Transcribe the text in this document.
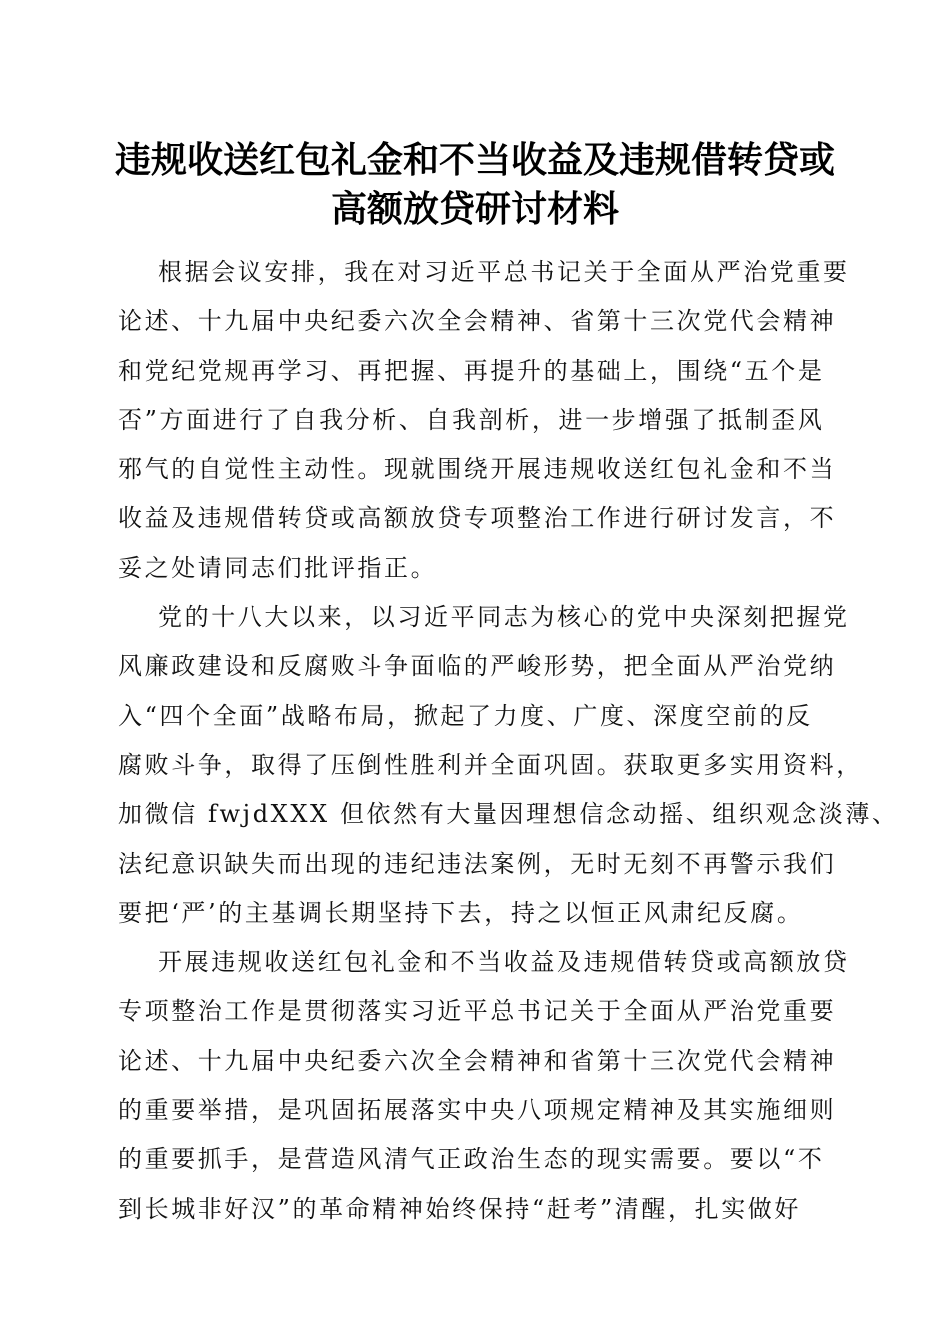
违规收送红包礼金和不当收益及违规借转贷或
高额放贷研讨材料

根据会议安排，我在对习近平总书记关于全面从严治党重要
论述、十九届中央纪委六次全会精神、省第十三次党代会精神
和党纪党规再学习、再把握、再提升的基础上，围绕“五个是
否”方面进行了自我分析、自我剖析，进一步增强了抵制歪风
邪气的自觉性主动性。现就围绕开展违规收送红包礼金和不当
收益及违规借转贷或高额放贷专项整治工作进行研讨发言，不
妥之处请同志们批评指正。

党的十八大以来，以习近平同志为核心的党中央深刻把握党
风廉政建设和反腐败斗争面临的严峻形势，把全面从严治党纳
入“四个全面”战略布局，掀起了力度、广度、深度空前的反
腐败斗争，取得了压倒性胜利并全面巩固。获取更多实用资料，
加微信 fwjdXXX 但依然有大量因理想信念动摇、组织观念淡薄、
法纪意识缺失而出现的违纪违法案例，无时无刻不再警示我们
要把‘严’的主基调长期坚持下去，持之以恒正风肃纪反腐。

开展违规收送红包礼金和不当收益及违规借转贷或高额放贷
专项整治工作是贯彻落实习近平总书记关于全面从严治党重要
论述、十九届中央纪委六次全会精神和省第十三次党代会精神
的重要举措，是巩固拓展落实中央八项规定精神及其实施细则
的重要抓手，是营造风清气正政治生态的现实需要。要以“不
到长城非好汉”的革命精神始终保持“赶考”清醒，扎实做好
